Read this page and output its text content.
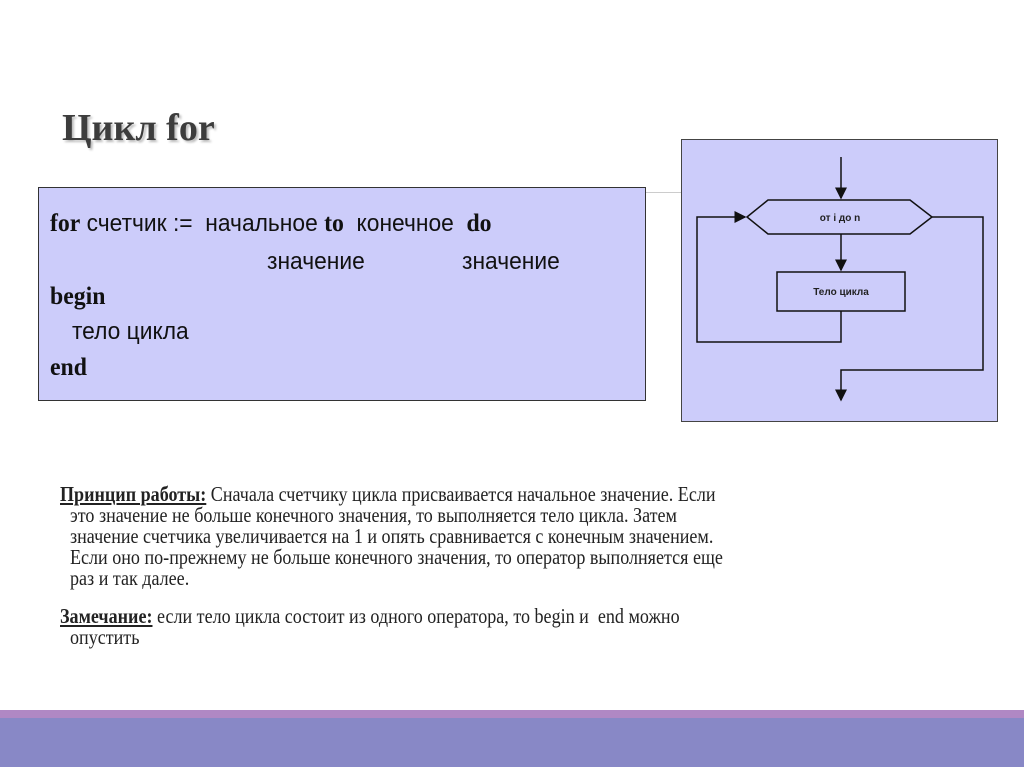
Цикл for
for счетчик :=  начальное to  конечное  do
значение	значение
begin
тело цикла
end
от i до n
Тело цикла
Принцип работы: Сначала счетчику цикла присваивается начальное значение. Если
это значение не больше конечного значения, то выполняется тело цикла. Затем
значение счетчика увеличивается на 1 и опять сравнивается с конечным значением.
Если оно по-прежнему не больше конечного значения, то оператор выполняется еще
раз и так далее.
Замечание: если тело цикла состоит из одного оператора, то begin и  end можно
опустить
